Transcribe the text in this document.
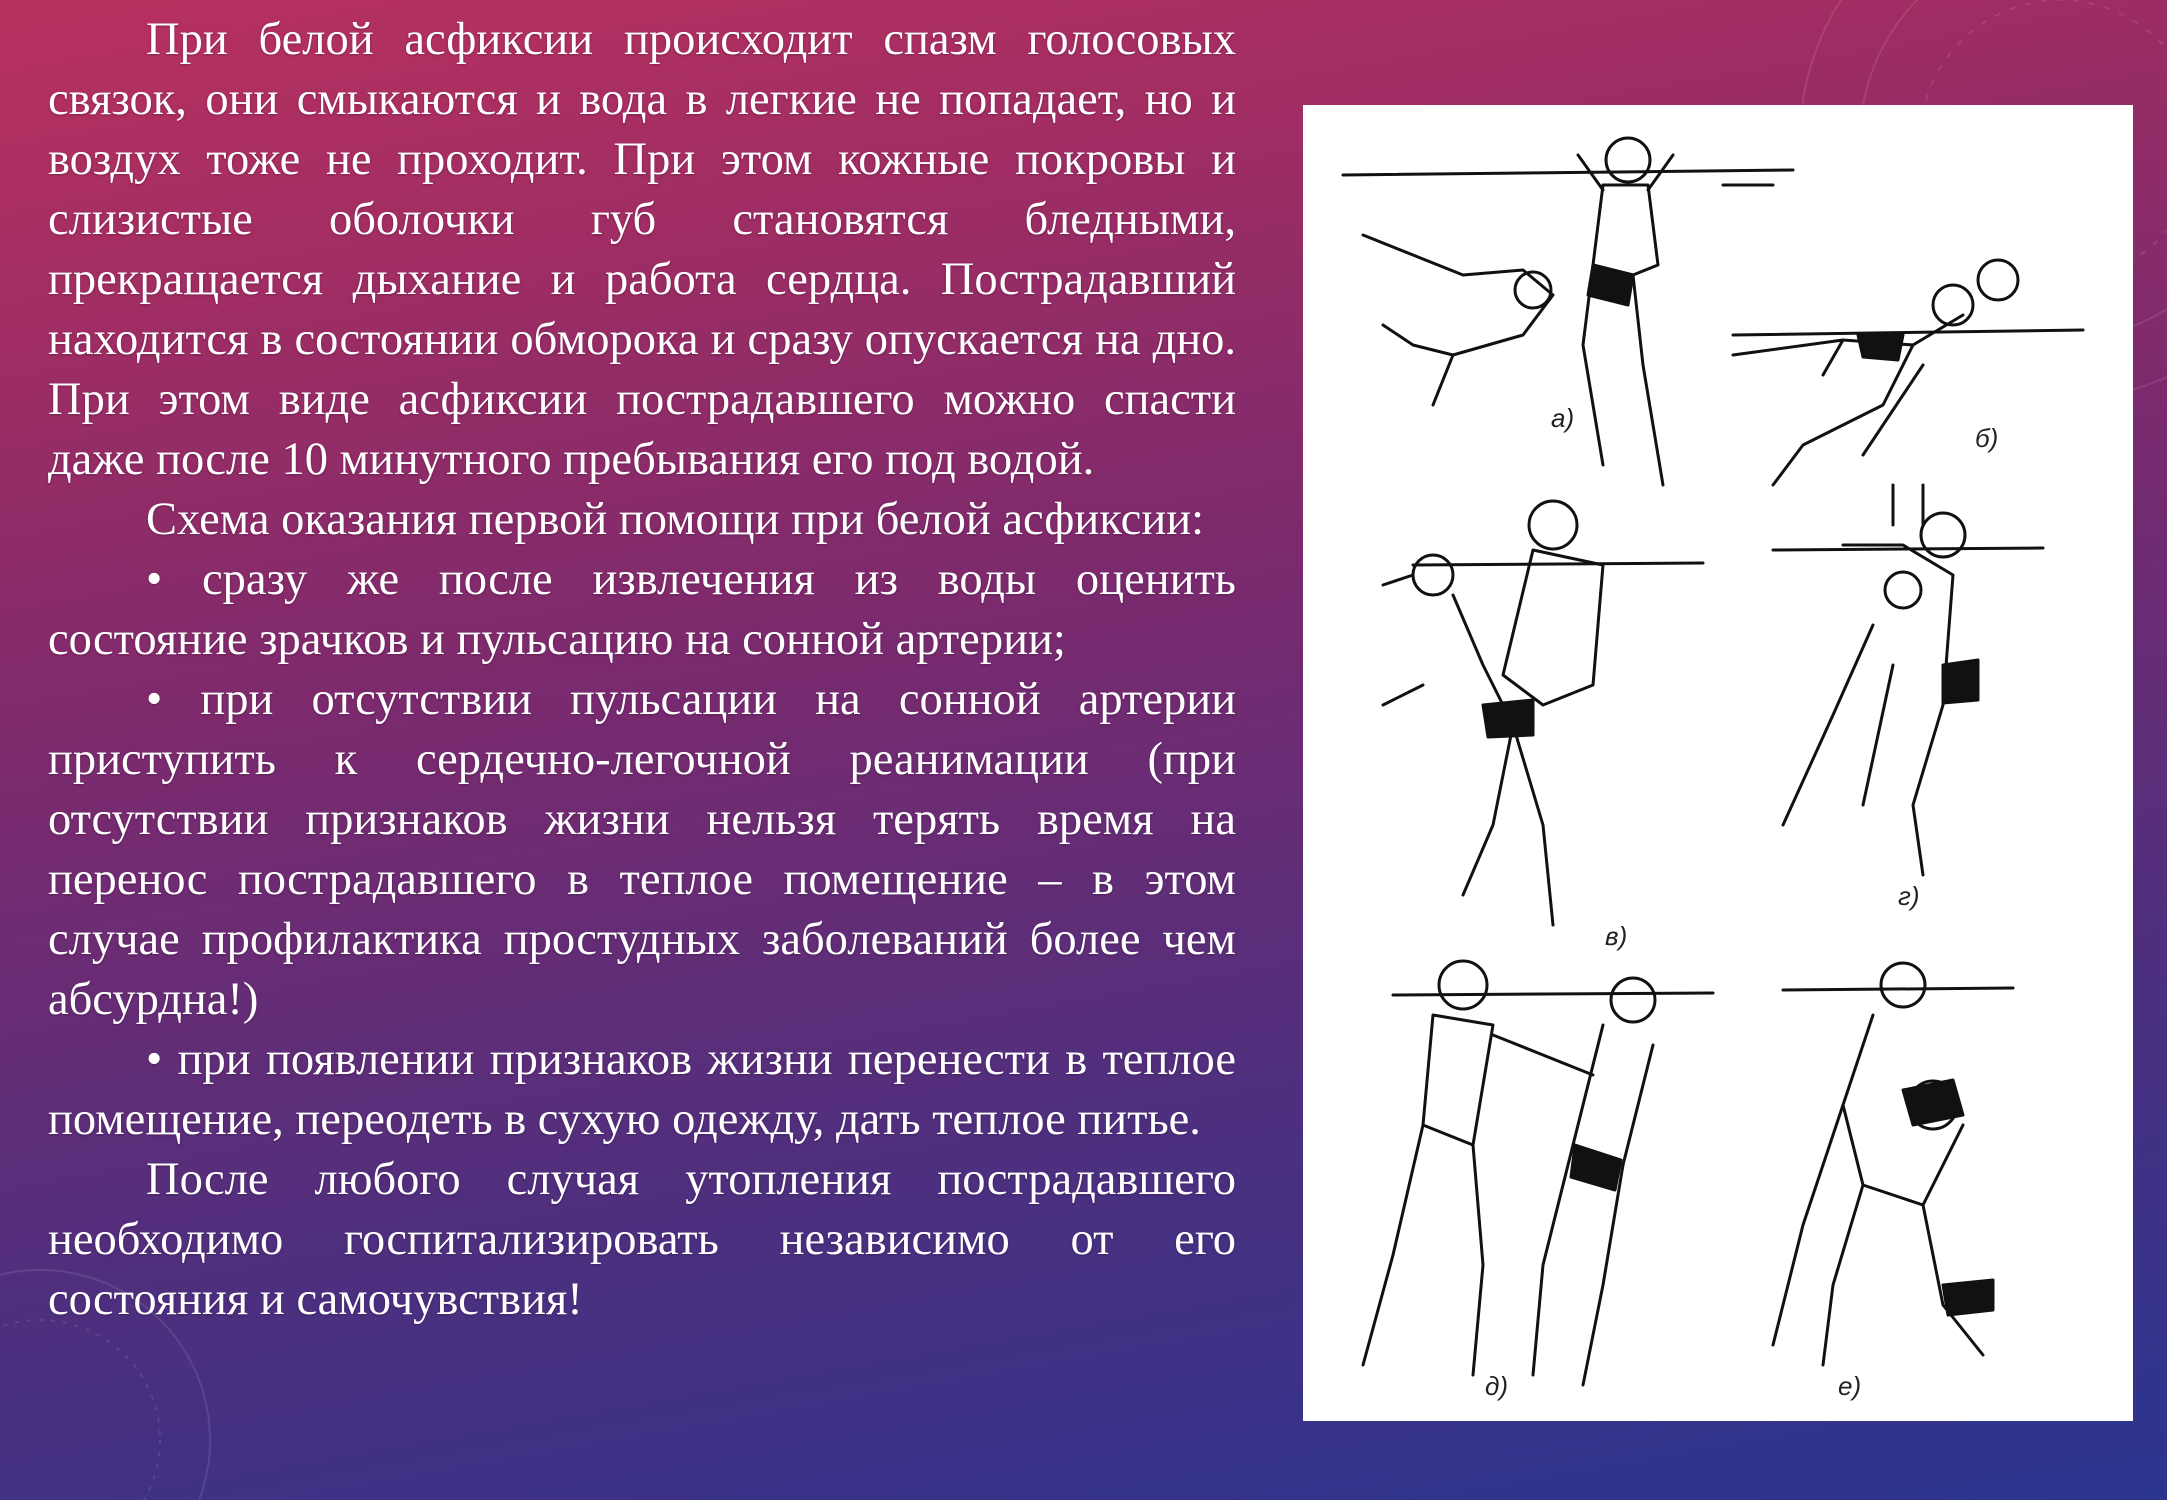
При белой асфиксии происходит спазм голосовых связок, они смыкаются и вода в легкие не попадает, но и воздух тоже не проходит. При этом кожные покровы и слизистые оболочки губ становятся бледными, прекращается дыхание и работа сердца. Пострадавший находится в состоянии обморока и сразу опускается на дно. При этом виде асфиксии пострадавшего можно спасти даже после 10 минутного пребывания его под водой.

Схема оказания первой помощи при белой асфиксии:

• сразу же после извлечения из воды оценить состояние зрачков и пульсацию на сонной артерии;

• при отсутствии пульсации на сонной артерии приступить к сердечно-легочной реанимации (при отсутствии признаков жизни нельзя терять время на перенос пострадавшего в теплое помещение – в этом случае профилактика простудных заболеваний более чем абсурдна!)

• при появлении признаков жизни перенести в теплое помещение, переодеть в сухую одежду, дать теплое питье.

После любого случая утопления пострадавшего необходимо госпитализировать независимо от его состояния и самочувствия!

а)
б)
в)
г)
д)	е)
